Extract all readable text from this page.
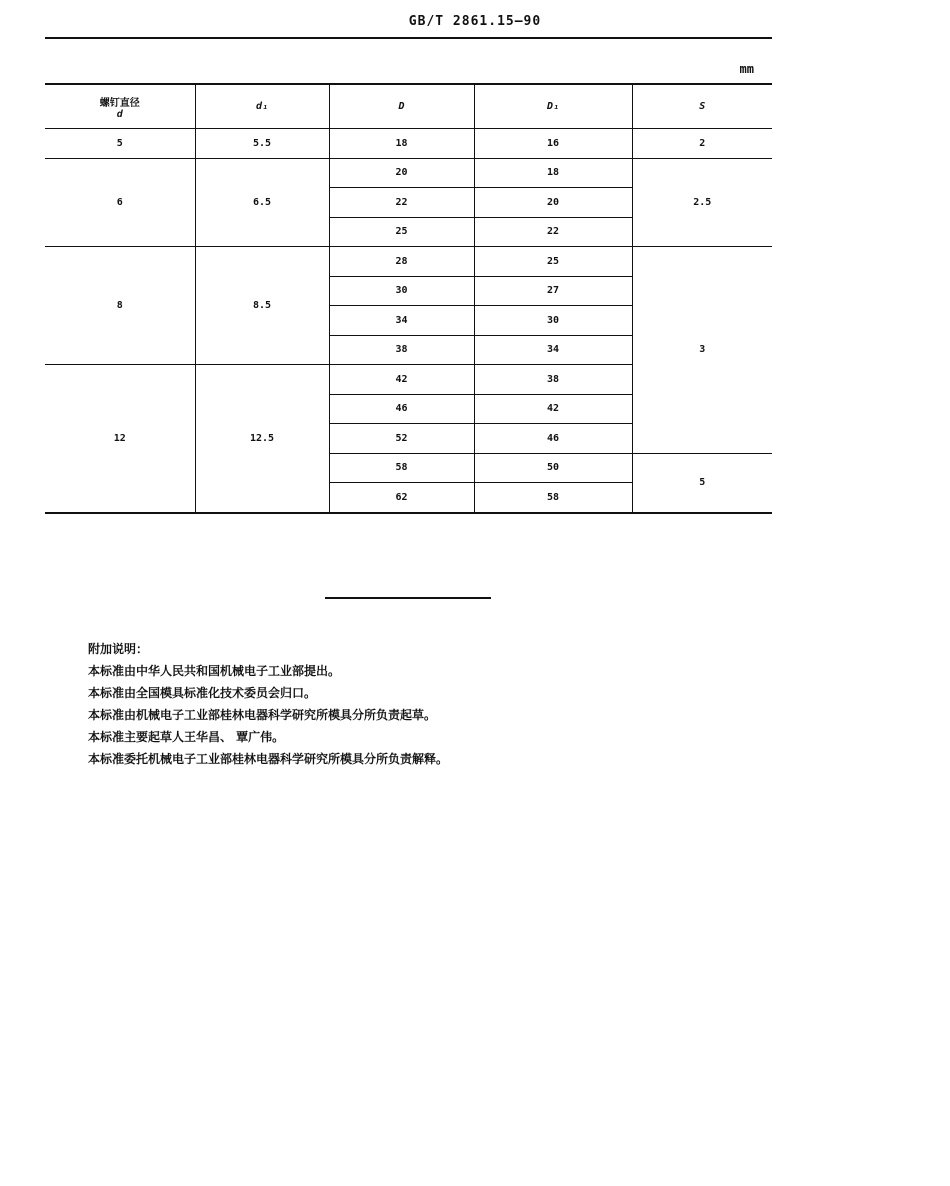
GB/T 2861.15—90
mm
螺钉直径
d	d₁	D	D₁	S
5	5.5	18	16	2
6	6.5	20	18	2.5
		22	20	
		25	22	
8	8.5	28	25	3
		30	27	
		34	30	
		38	34	
12	12.5	42	38	
		46	42	
		52	46	
		58	50	5
		62	58	
附加说明：
本标准由中华人民共和国机械电子工业部提出。
本标准由全国模具标准化技术委员会归口。
本标准由机械电子工业部桂林电器科学研究所模具分所负责起草。
本标准主要起草人王华昌、 覃广伟。
本标准委托机械电子工业部桂林电器科学研究所模具分所负责解释。
